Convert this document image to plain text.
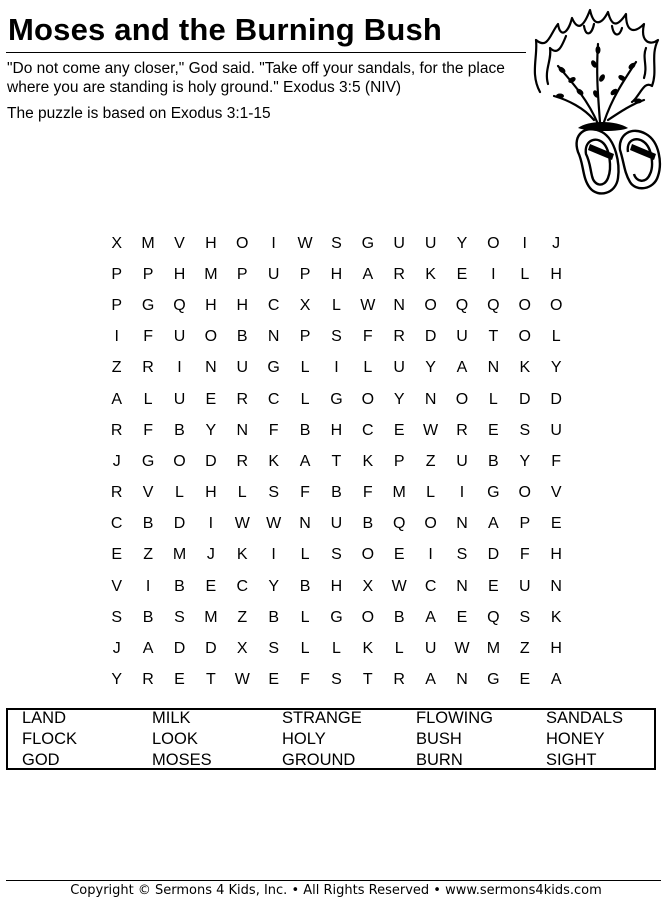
Moses and the Burning Bush
"Do not come any closer," God said. "Take off your sandals, for the place where you are standing is holy ground." Exodus 3:5 (NIV)
The puzzle is based on Exodus 3:1-15
X	M	V	H	O	I	W	S	G	U	U	Y	O	I	J
P	P	H	M	P	U	P	H	A	R	K	E	I	L	H
P	G	Q	H	H	C	X	L	W	N	O	Q	Q	O	O
I	F	U	O	B	N	P	S	F	R	D	U	T	O	L
Z	R	I	N	U	G	L	I	L	U	Y	A	N	K	Y
A	L	U	E	R	C	L	G	O	Y	N	O	L	D	D
R	F	B	Y	N	F	B	H	C	E	W	R	E	S	U
J	G	O	D	R	K	A	T	K	P	Z	U	B	Y	F
R	V	L	H	L	S	F	B	F	M	L	I	G	O	V
C	B	D	I	W	W	N	U	B	Q	O	N	A	P	E
E	Z	M	J	K	I	L	S	O	E	I	S	D	F	H
V	I	B	E	C	Y	B	H	X	W	C	N	E	U	N
S	B	S	M	Z	B	L	G	O	B	A	E	Q	S	K
J	A	D	D	X	S	L	L	K	L	U	W	M	Z	H
Y	R	E	T	W	E	F	S	T	R	A	N	G	E	A
LAND	MILK	STRANGE	FLOWING	SANDALS
FLOCK	LOOK	HOLY	BUSH	HONEY
GOD	MOSES	GROUND	BURN	SIGHT
Copyright © Sermons 4 Kids, Inc. • All Rights Reserved • www.sermons4kids.com
